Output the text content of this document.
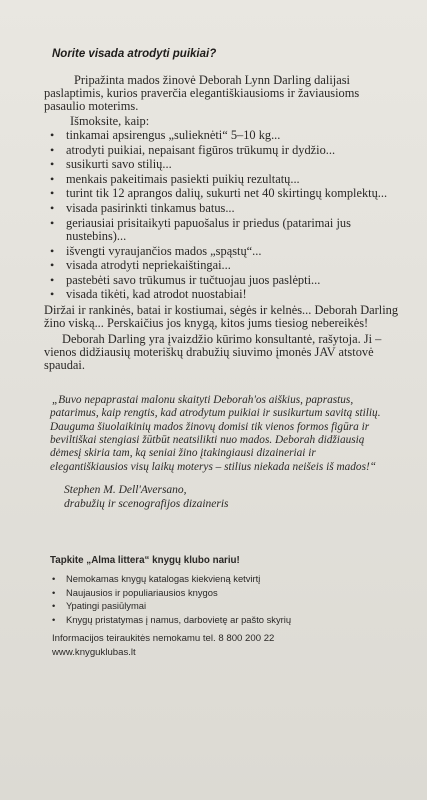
Norite visada atrodyti puikiai?

Pripažinta mados žinovė Deborah Lynn Darling dalijasi paslaptimis, kurios praverčia elegantiškiausioms ir žaviausioms pasaulio moterims.

Išmoksite, kaip:

• tinkamai apsirengus „sulieknėti“ 5–10 kg...
• atrodyti puikiai, nepaisant figūros trūkumų ir dydžio...
• susikurti savo stilių...
• menkais pakeitimais pasiekti puikių rezultatų...
• turint tik 12 aprangos dalių, sukurti net 40 skirtingų komplektų...
• visada pasirinkti tinkamus batus...
• geriausiai prisitaikyti papuošalus ir priedus (patarimai jus nustebins)...
• išvengti vyraujančios mados „spąstų“...
• visada atrodyti nepriekaištingai...
• pastebėti savo trūkumus ir tučtuojau juos paslėpti...
• visada tikėti, kad atrodot nuostabiai!

Diržai ir rankinės, batai ir kostiumai, sėgės ir kelnės... Deborah Darling žino viską... Perskaičius jos knygą, kitos jums tiesiog nebereikės!

Deborah Darling yra įvaizdžio kūrimo konsultantė, rašytoja. Ji – vienos didžiausių moteriškų drabužių siuvimo įmonės JAV atstovė spaudai.

„Buvo nepaprastai malonu skaityti Deborah'os aiškius, paprastus, patarimus, kaip rengtis, kad atrodytum puikiai ir susikurtum savitą stilių. Dauguma šiuolaikinių mados žinovų domisi tik vienos formos figūra ir beviltiškai stengiasi žūtbūt neatsilikti nuo mados. Deborah didžiausią dėmesį skiria tam, ką seniai žino įtakingiausi dizaineriai ir elegantiškiausios visų laikų moterys – stilius niekada neišeis iš mados!“

Stephen M. Dell'Aversano,
drabužių ir scenografijos dizaineris
Tapkite „Alma littera“ knygų klubo nariu!
• Nemokamas knygų katalogas kiekvieną ketvirtį
• Naujausios ir populiariausios knygos
• Ypatingi pasiūlymai
• Knygų pristatymas į namus, darbovietę ar pašto skyrių
Informacijos teiraukitės nemokamu tel. 8 800 200 22
www.knyguklubas.lt
